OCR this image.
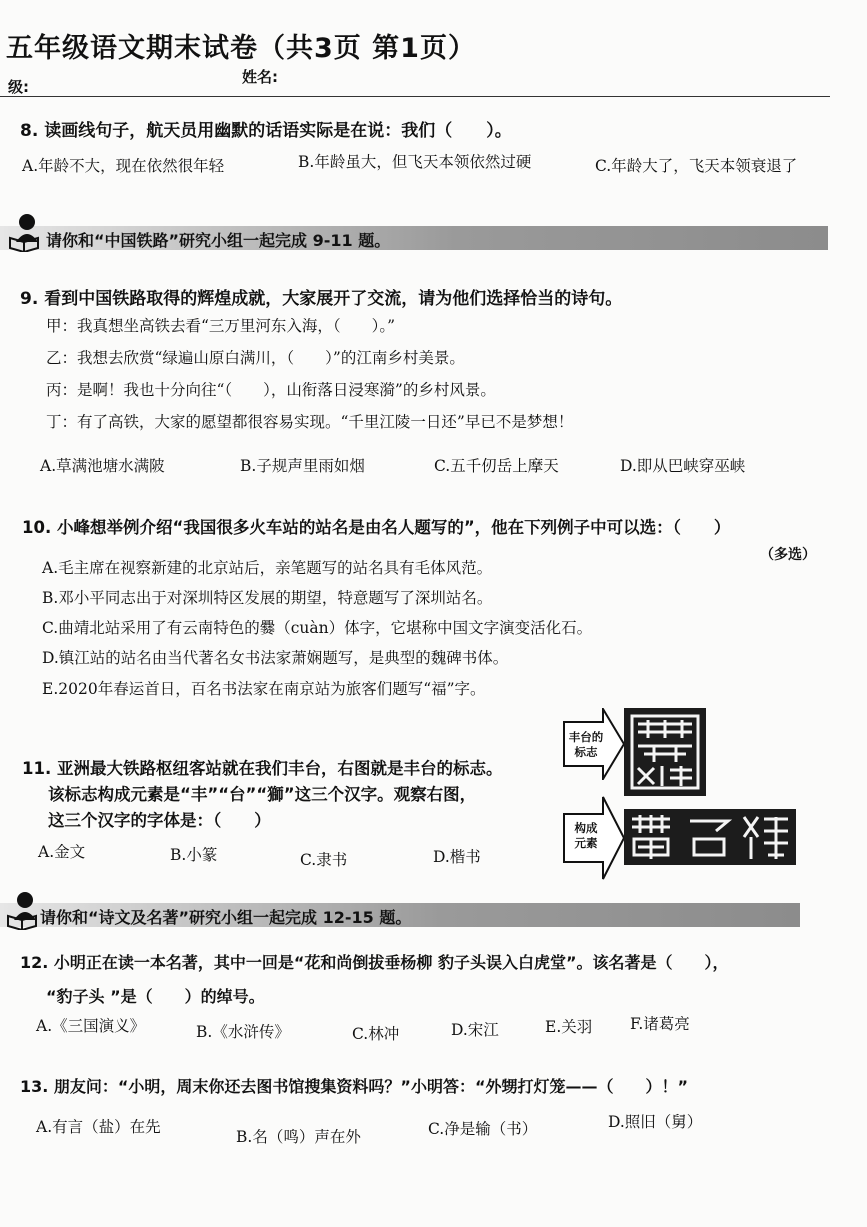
五年级语文期末试卷（共3页 第1页）
级:
姓名:
8. 读画线句子，航天员用幽默的话语实际是在说：我们（　　）。
A.年龄不大，现在依然很年轻	B.年龄虽大，但飞天本领依然过硬	C.年龄大了，飞天本领衰退了
请你和“中国铁路”研究小组一起完成 9-11 题。
9. 看到中国铁路取得的辉煌成就，大家展开了交流，请为他们选择恰当的诗句。
甲：我真想坐高铁去看“三万里河东入海，（　　）。”
乙：我想去欣赏“绿遍山原白满川，（　　）”的江南乡村美景。
丙：是啊！我也十分向往“（　　），山衔落日浸寒漪”的乡村风景。
丁：有了高铁，大家的愿望都很容易实现。“千里江陵一日还”早已不是梦想！
A.草满池塘水满陂	B.子规声里雨如烟	C.五千仞岳上摩天	D.即从巴峡穿巫峡
10. 小峰想举例介绍“我国很多火车站的站名是由名人题写的”，他在下列例子中可以选：（　　）
（多选）
A.毛主席在视察新建的北京站后，亲笔题写的站名具有毛体风范。
B.邓小平同志出于对深圳特区发展的期望，特意题写了深圳站名。
C.曲靖北站采用了有云南特色的爨（cuàn）体字，它堪称中国文字演变活化石。
D.镇江站的站名由当代著名女书法家萧娴题写，是典型的魏碑书体。
E.2020年春运首日，百名书法家在南京站为旅客们题写“福”字。
11. 亚洲最大铁路枢纽客站就在我们丰台，右图就是丰台的标志。
该标志构成元素是“丰”“台”“獅”这三个汉字。观察右图，
这三个汉字的字体是：（　　）
A.金文	B.小篆	C.隶书	D.楷书
丰台的
标志
构成
元素
请你和“诗文及名著”研究小组一起完成 12-15 题。
12. 小明正在读一本名著，其中一回是“花和尚倒拔垂杨柳 豹子头误入白虎堂”。该名著是（　　），
“豹子头 ”是（　　）的绰号。
A.《三国演义》	B.《水浒传》	C.林冲	D.宋江	E.关羽 F.诸葛亮
13. 朋友问：“小明，周末你还去图书馆搜集资料吗？”小明答：“外甥打灯笼——（　　）！”
A.有言（盐）在先
B.名（鸣）声在外	C.净是输（书）	D.照旧（舅）
